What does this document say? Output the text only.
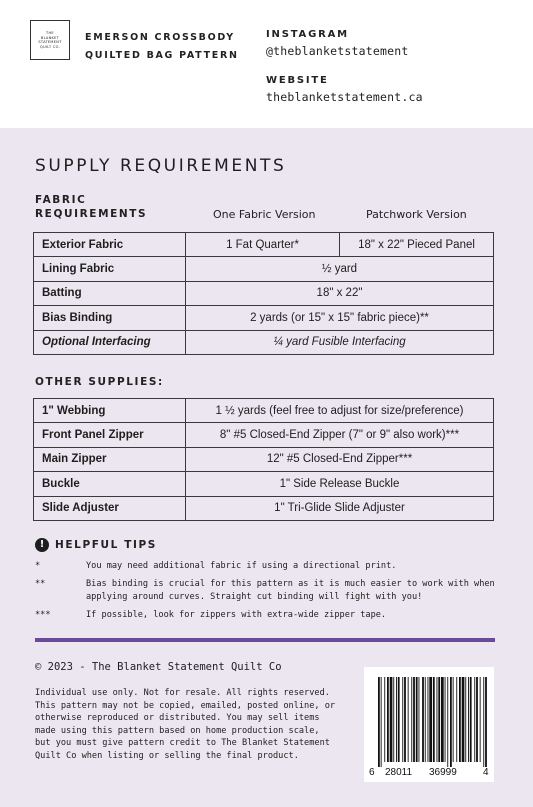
THE
BLANKET
STATEMENT
QUILT CO.
EMERSON CROSSBODY
QUILTED BAG PATTERN
INSTAGRAM
@theblanketstatement
WEBSITE
theblanketstatement.ca
SUPPLY REQUIREMENTS
FABRIC
REQUIREMENTS	One Fabric Version	Patchwork Version
Exterior Fabric	1 Fat Quarter*	18" x 22" Pieced Panel
Lining Fabric	½ yard	
Batting	18" x 22"	
Bias Binding	2 yards (or 15" x 15" fabric piece)**	
Optional Interfacing	¼ yard Fusible Interfacing	
OTHER SUPPLIES:
1" Webbing	1 ½ yards (feel free to adjust for size/preference)
Front Panel Zipper	8" #5 Closed-End Zipper (7" or 9" also work)***
Main Zipper	12" #5 Closed-End Zipper***
Buckle	1" Side Release Buckle
Slide Adjuster	1" Tri-Glide Slide Adjuster
!	HELPFUL TIPS
*	You may need additional fabric if using a directional print.
**	Bias binding is crucial for this pattern as it is much easier to work with when applying around curves. Straight cut binding will fight with you!
***	If possible, look for zippers with extra-wide zipper tape.
© 2023 - The Blanket Statement Quilt Co
Individual use only. Not for resale. All rights reserved. This pattern may not be copied, emailed, posted online, or otherwise reproduced or distributed. You may sell items made using this pattern based on home production scale, but you must give pattern credit to The Blanket Statement Quilt Co when listing or selling the final product.
6 28011 36999	4
